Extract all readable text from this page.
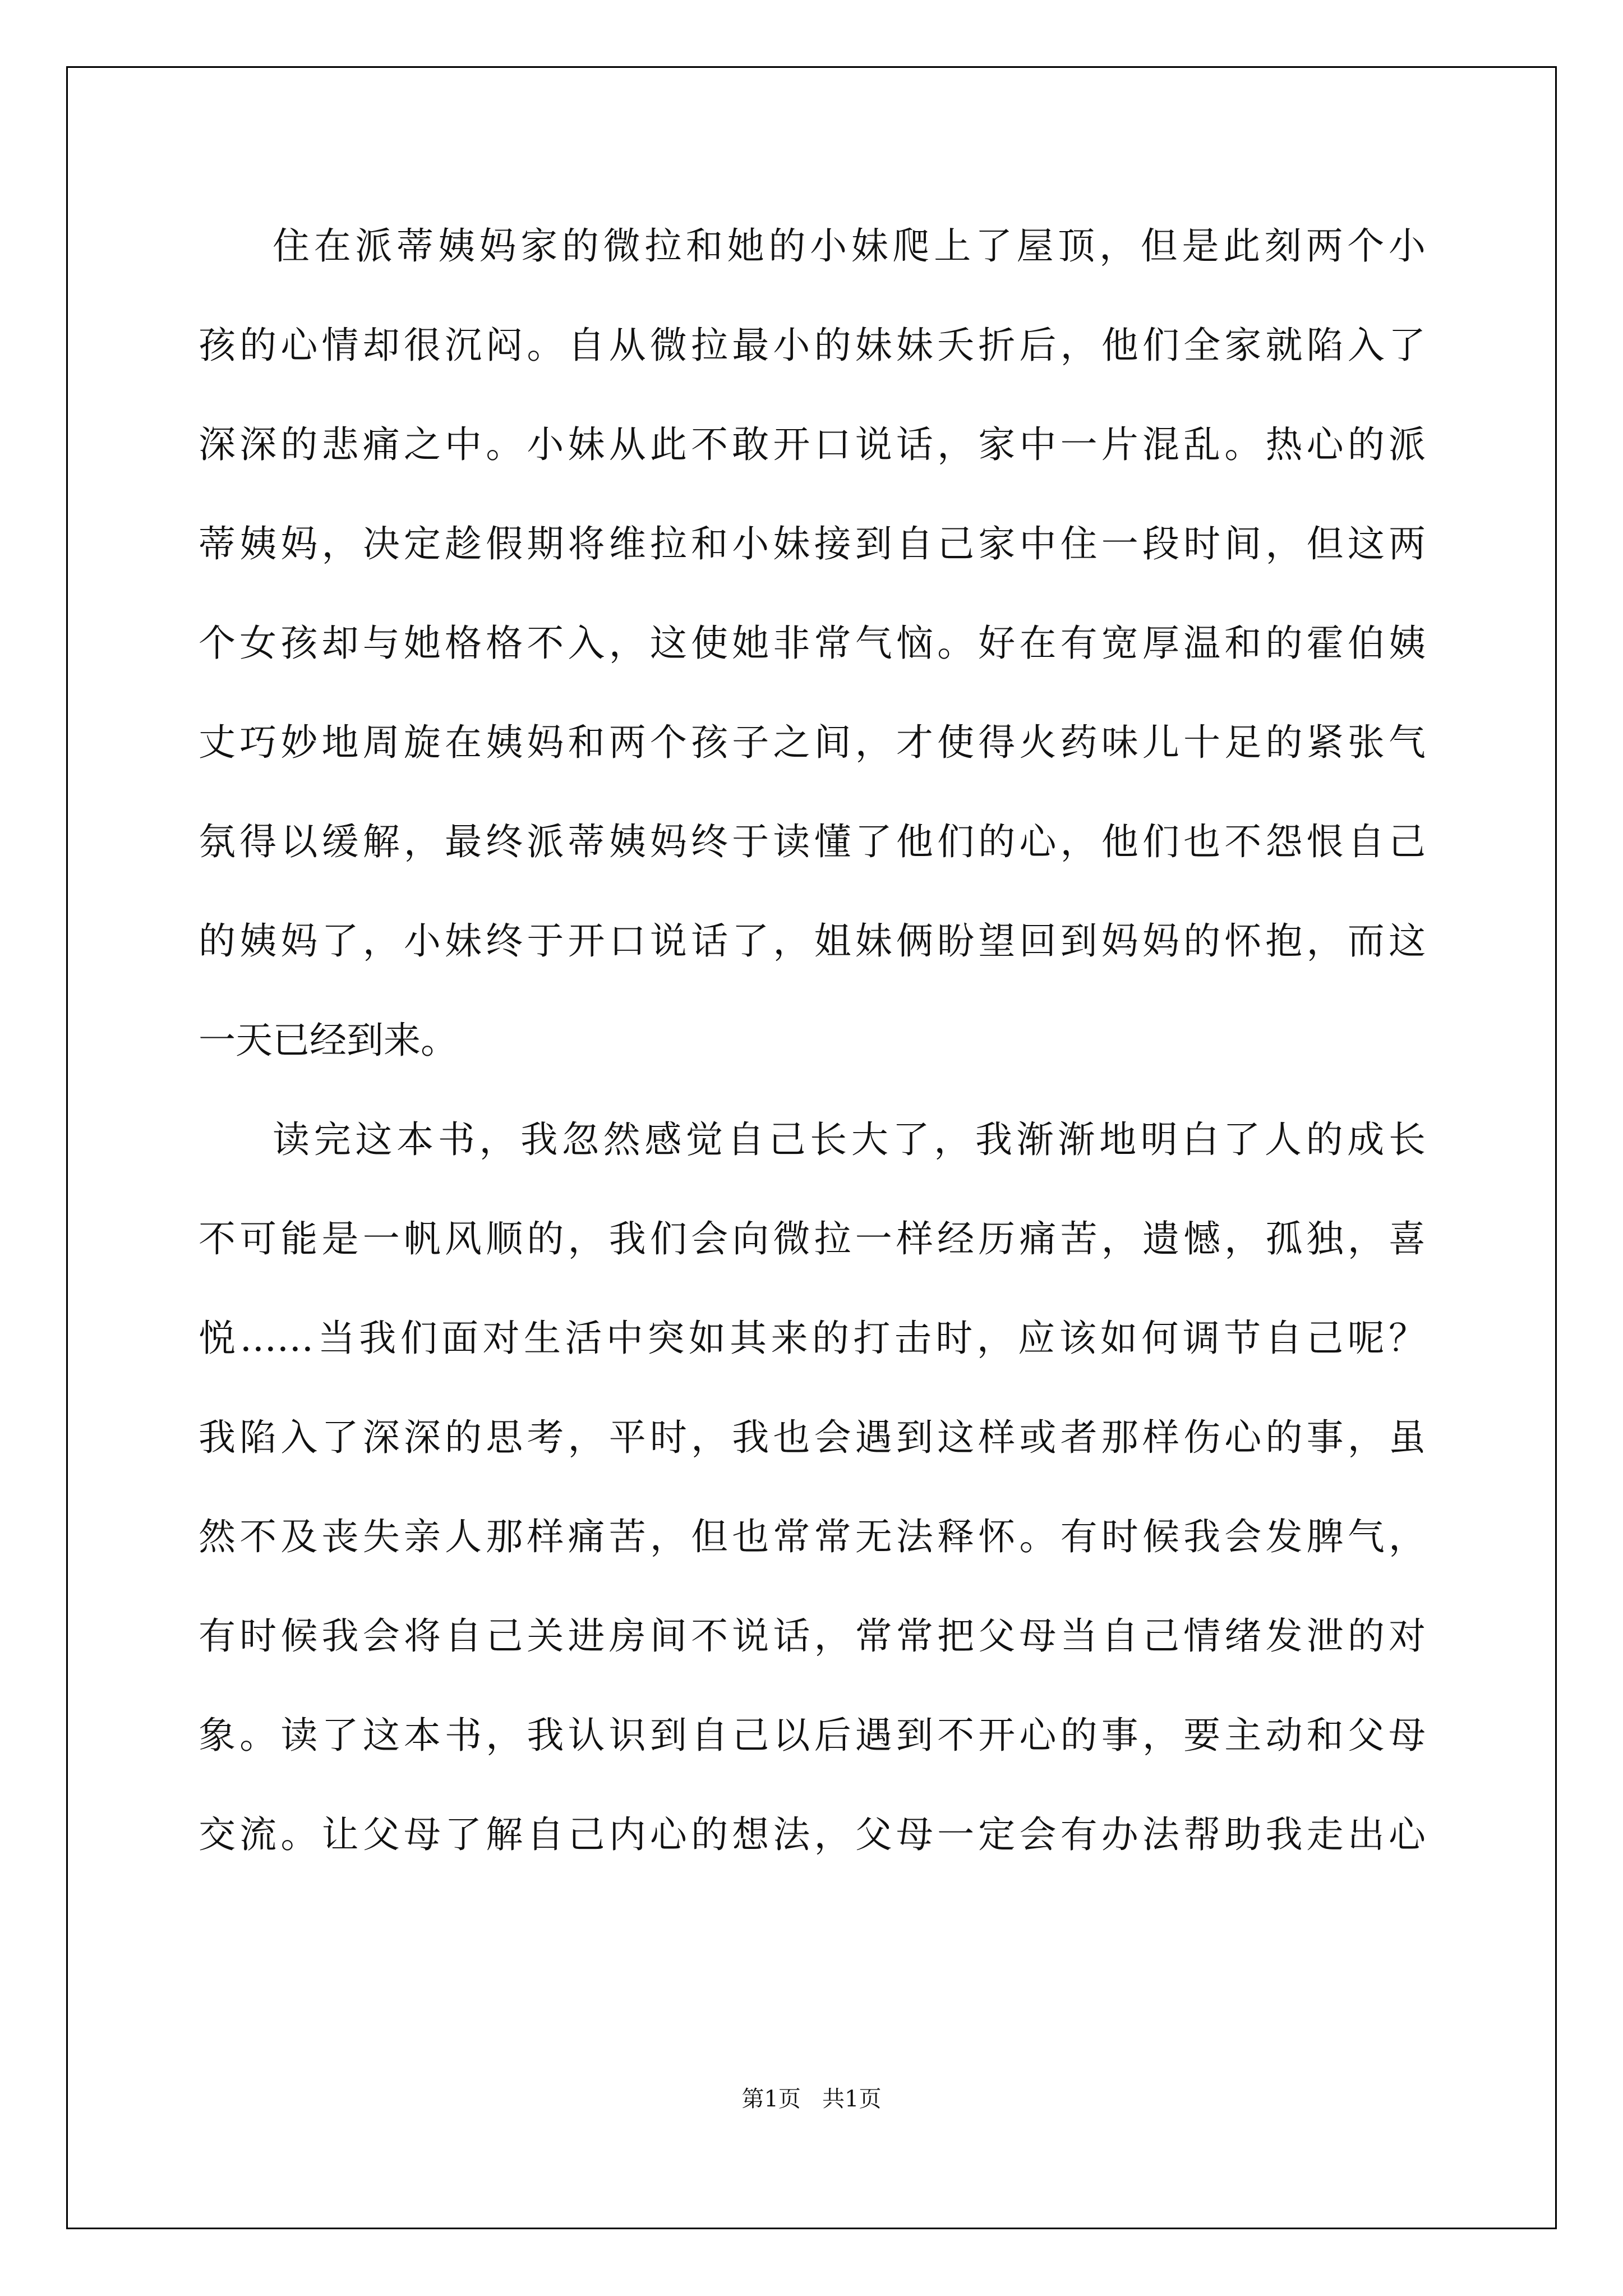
住在派蒂姨妈家的微拉和她的小妹爬上了屋顶，但是此刻两个小
孩的心情却很沉闷。自从微拉最小的妹妹夭折后，他们全家就陷入了
深深的悲痛之中。小妹从此不敢开口说话，家中一片混乱。热心的派
蒂姨妈，决定趁假期将维拉和小妹接到自己家中住一段时间，但这两
个女孩却与她格格不入，这使她非常气恼。好在有宽厚温和的霍伯姨
丈巧妙地周旋在姨妈和两个孩子之间，才使得火药味儿十足的紧张气
氛得以缓解，最终派蒂姨妈终于读懂了他们的心，他们也不怨恨自己
的姨妈了，小妹终于开口说话了，姐妹俩盼望回到妈妈的怀抱，而这
一天已经到来。
读完这本书，我忽然感觉自己长大了，我渐渐地明白了人的成长
不可能是一帆风顺的，我们会向微拉一样经历痛苦，遗憾，孤独，喜
悦……当我们面对生活中突如其来的打击时，应该如何调节自己呢？
我陷入了深深的思考，平时，我也会遇到这样或者那样伤心的事，虽
然不及丧失亲人那样痛苦，但也常常无法释怀。有时候我会发脾气，
有时候我会将自己关进房间不说话，常常把父母当自己情绪发泄的对
象。读了这本书，我认识到自己以后遇到不开心的事，要主动和父母
交流。让父母了解自己内心的想法，父母一定会有办法帮助我走出心
第1页   共1页
